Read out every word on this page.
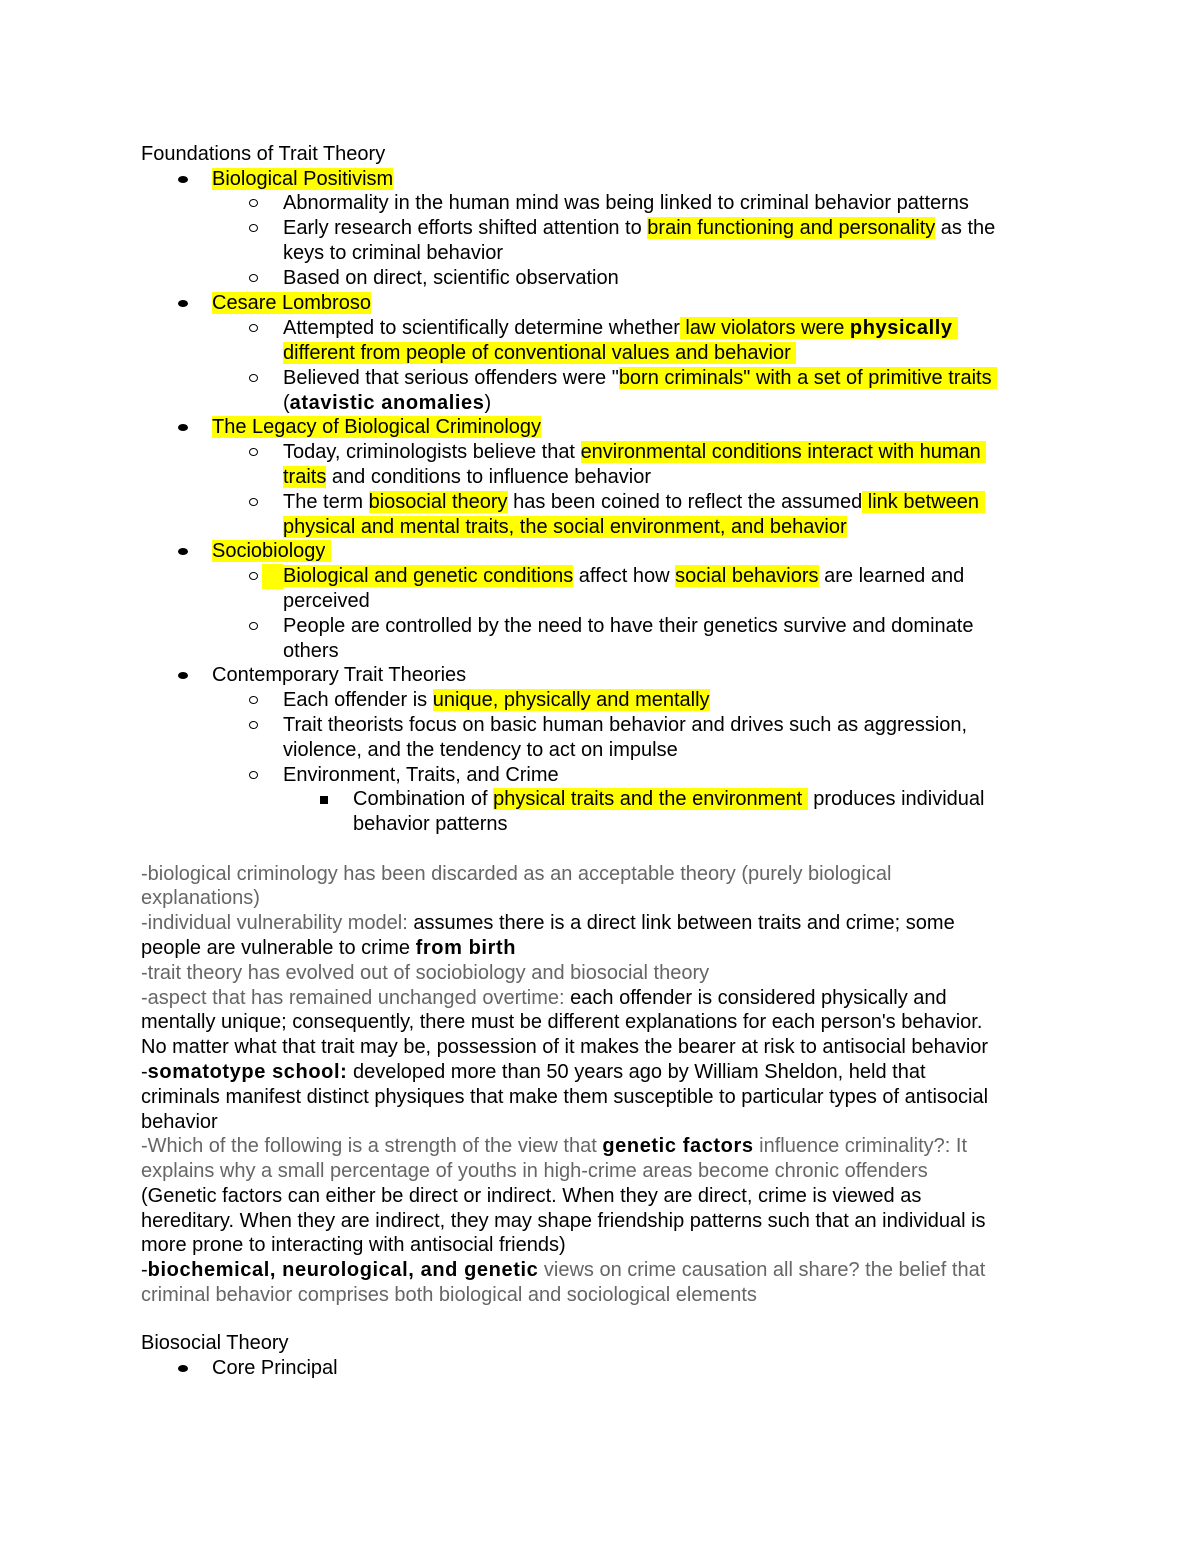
Foundations of Trait Theory
Biological Positivism
Abnormality in the human mind was being linked to criminal behavior patterns
Early research efforts shifted attention to brain functioning and personality as the
keys to criminal behavior
Based on direct, scientific observation
Cesare Lombroso
Attempted to scientifically determine whether law violators were physically
different from people of conventional values and behavior
Believed that serious offenders were "born criminals" with a set of primitive traits
(atavistic anomalies)
The Legacy of Biological Criminology
Today, criminologists believe that environmental conditions interact with human
traits and conditions to influence behavior
The term biosocial theory has been coined to reflect the assumed link between
physical and mental traits, the social environment, and behavior
Sociobiology
Biological and genetic conditions affect how social behaviors are learned and
perceived
People are controlled by the need to have their genetics survive and dominate
others
Contemporary Trait Theories
Each offender is unique, physically and mentally
Trait theorists focus on basic human behavior and drives such as aggression,
violence, and the tendency to act on impulse
Environment, Traits, and Crime
Combination of physical traits and the environment  produces individual
behavior patterns
-biological criminology has been discarded as an acceptable theory (purely biological
explanations)
-individual vulnerability model: assumes there is a direct link between traits and crime; some
people are vulnerable to crime from birth
-trait theory has evolved out of sociobiology and biosocial theory
-aspect that has remained unchanged overtime: each offender is considered physically and
mentally unique; consequently, there must be different explanations for each person's behavior.
No matter what that trait may be, possession of it makes the bearer at risk to antisocial behavior
-somatotype school: developed more than 50 years ago by William Sheldon, held that
criminals manifest distinct physiques that make them susceptible to particular types of antisocial
behavior
-Which of the following is a strength of the view that genetic factors influence criminality?: It
explains why a small percentage of youths in high-crime areas become chronic offenders
(Genetic factors can either be direct or indirect. When they are direct, crime is viewed as
hereditary. When they are indirect, they may shape friendship patterns such that an individual is
more prone to interacting with antisocial friends)
-biochemical, neurological, and genetic views on crime causation all share? the belief that
criminal behavior comprises both biological and sociological elements
Biosocial Theory
Core Principal
